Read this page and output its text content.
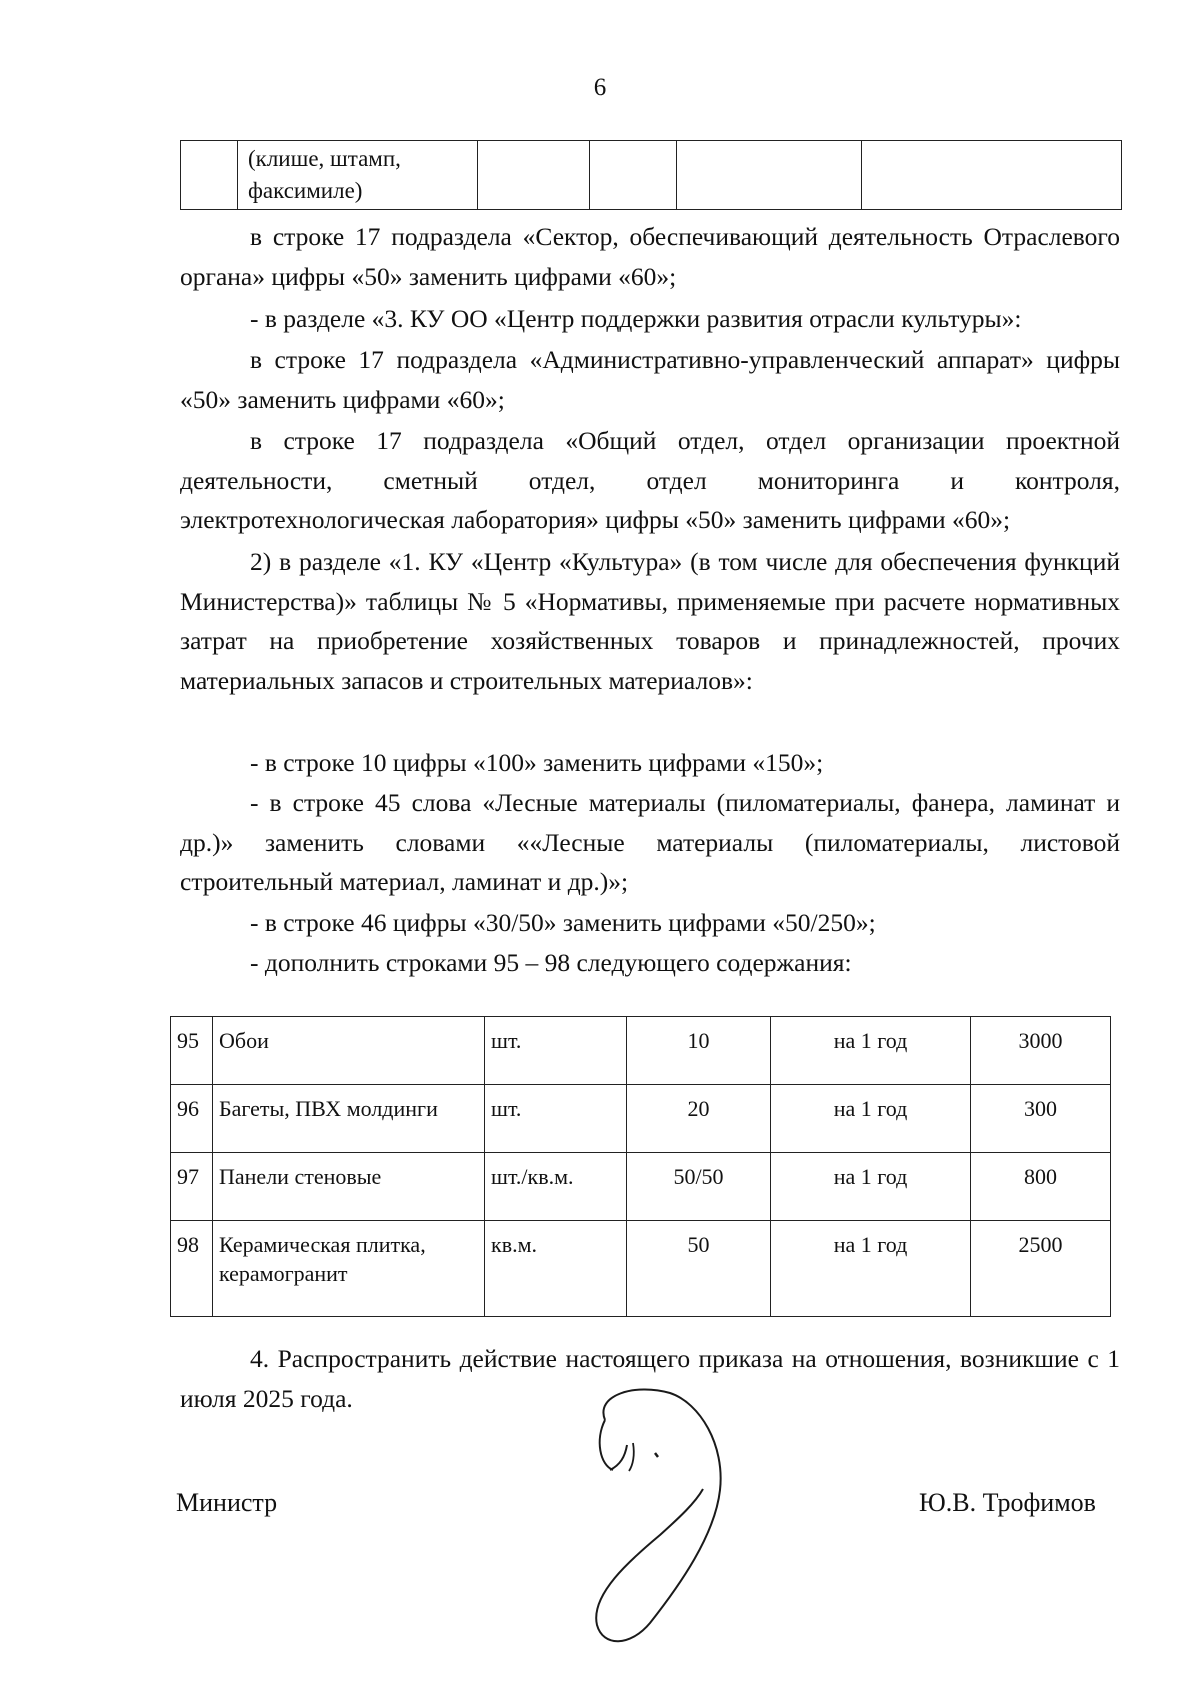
6
	(клише, штамп, факсимиле)				

в строке 17 подраздела «Сектор, обеспечивающий деятельность Отраслевого органа» цифры «50» заменить цифрами «60»;

- в разделе «3. КУ ОО «Центр поддержки развития отрасли культуры»:

в строке 17 подраздела «Административно-управленческий аппарат» цифры «50» заменить цифрами «60»;

в строке 17 подраздела «Общий отдел, отдел организации проектной деятельности, сметный отдел, отдел мониторинга и контроля, электротехнологическая лаборатория» цифры «50» заменить цифрами «60»;

2) в разделе «1. КУ «Центр «Культура» (в том числе для обеспечения функций Министерства)» таблицы № 5 «Нормативы, применяемые при расчете нормативных затрат на приобретение хозяйственных товаров и принадлежностей, прочих материальных запасов и строительных материалов»:

- в строке 10 цифры «100» заменить цифрами «150»;

- в строке 45 слова «Лесные материалы (пиломатериалы, фанера, ламинат и др.)» заменить словами ««Лесные материалы (пиломатериалы, листовой строительный материал, ламинат и др.)»;

- в строке 46 цифры «30/50» заменить цифрами «50/250»;

- дополнить строками 95 – 98 следующего содержания:

95	Обои	шт.	10	на 1 год	3000
96	Багеты, ПВХ молдинги	шт.	20	на 1 год	300
97	Панели стеновые	шт./кв.м.	50/50	на 1 год	800
98	Керамическая плитка, керамогранит	кв.м.	50	на 1 год	2500

4. Распространить действие настоящего приказа на отношения, возникшие с 1 июля 2025 года.

Министр	Ю.В. Трофимов
